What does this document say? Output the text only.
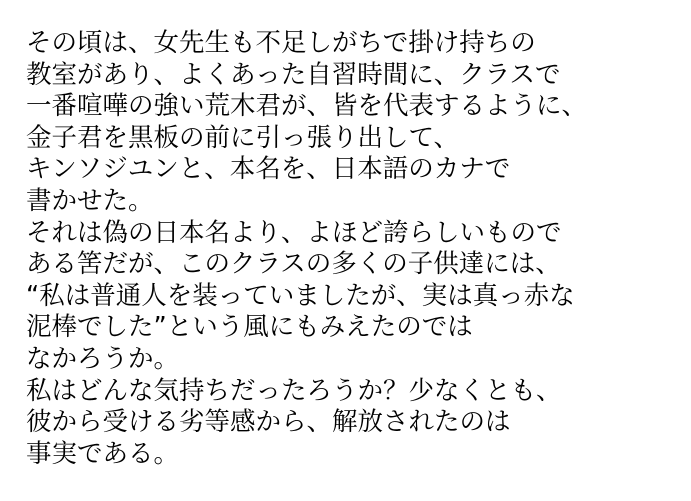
その頃は、女先生も不足しがちで掛け持ちの
教室があり、よくあった自習時間に、クラスで
一番喧嘩の強い荒木君が、皆を代表するように、
金子君を黒板の前に引っ張り出して、
キンソジユンと、本名を、日本語のカナで
書かせた。
それは偽の日本名より、よほど誇らしいもので
ある筈だが、このクラスの多くの子供達には、
“私は普通人を装っていましたが、実は真っ赤な
泥棒でした”という風にもみえたのでは
なかろうか。
私はどんな気持ちだったろうか？少なくとも、
彼から受ける劣等感から、解放されたのは
事実である。
